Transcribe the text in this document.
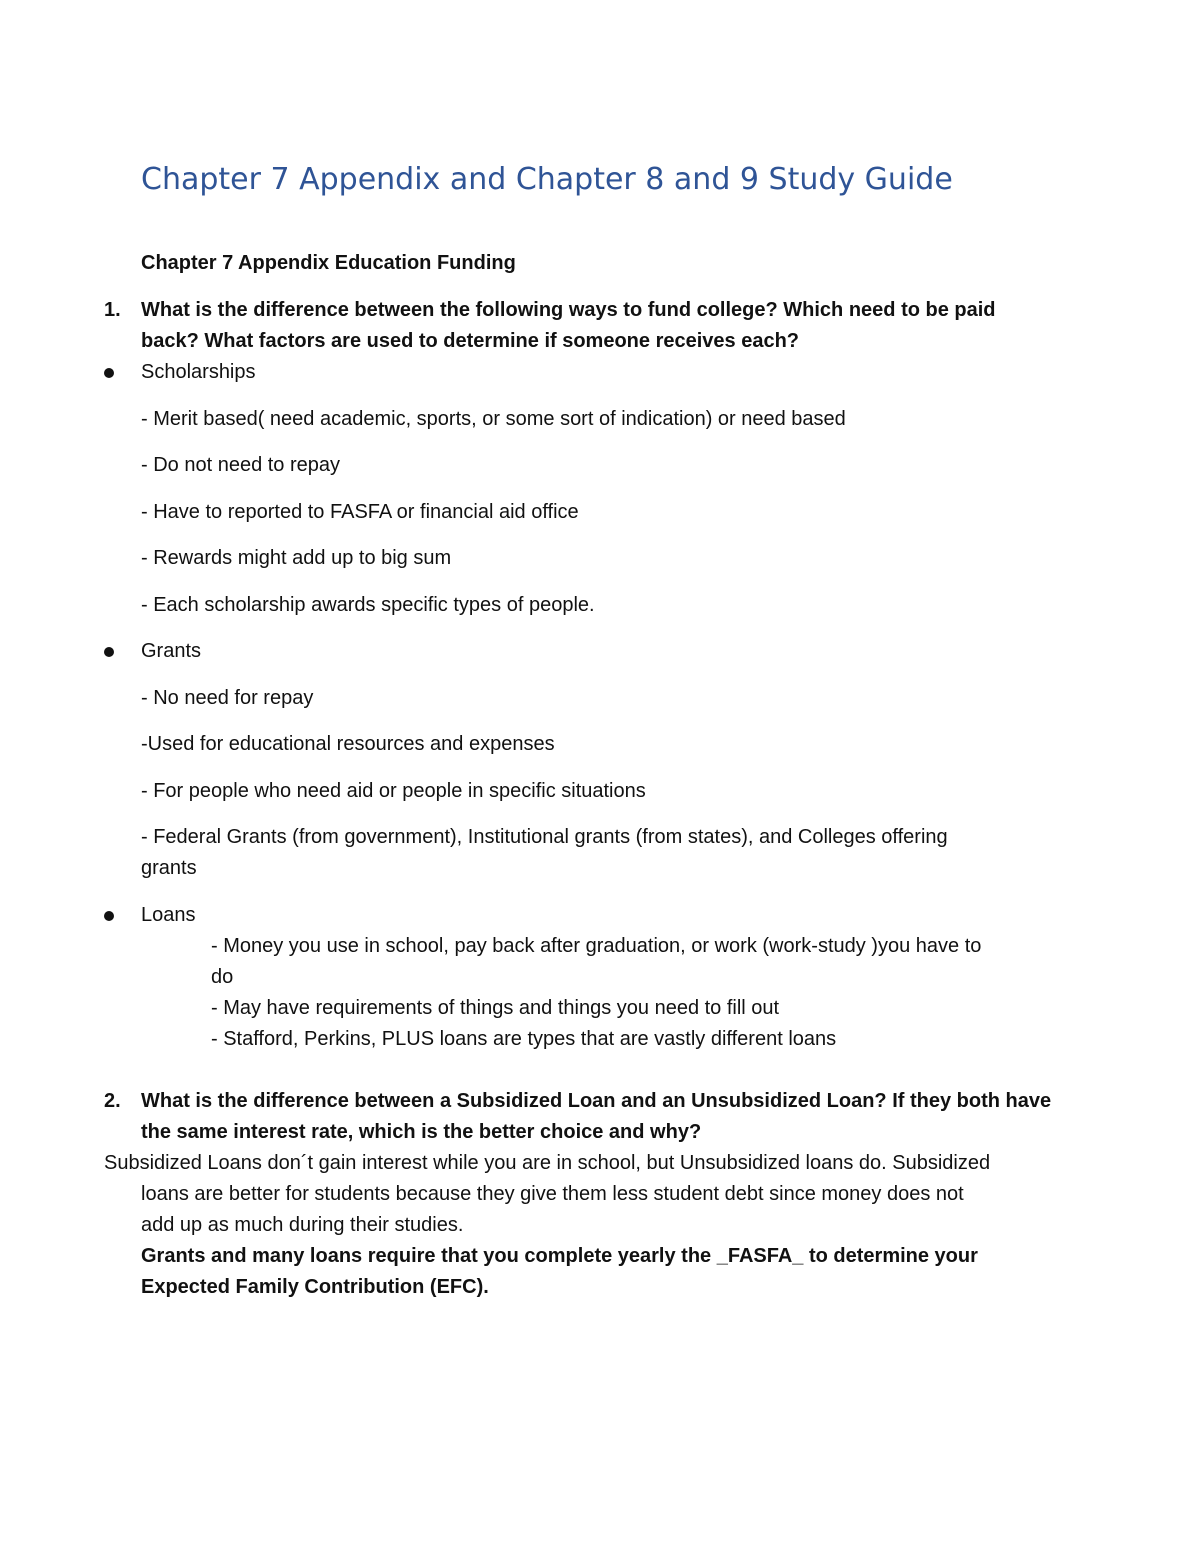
Chapter 7 Appendix and Chapter 8 and 9 Study Guide
Chapter 7 Appendix Education Funding
1. What is the difference between the following ways to fund college? Which need to be paid
back? What factors are used to determine if someone receives each?
Scholarships
- Merit based( need academic, sports, or some sort of indication) or need based
- Do not need to repay
- Have to reported to FASFA or financial aid office
- Rewards might add up to big sum
- Each scholarship awards specific types of people.
Grants
- No need for repay
-Used for educational resources and expenses
- For people who need aid or people in specific situations
- Federal Grants (from government), Institutional grants (from states), and Colleges offering
grants
Loans
- Money you use in school, pay back after graduation, or work (work-study )you have to
do
- May have requirements of things and things you need to fill out
- Stafford, Perkins, PLUS loans are types that are vastly different loans
2. What is the difference between a Subsidized Loan and an Unsubsidized Loan? If they both have
the same interest rate, which is the better choice and why?
Subsidized Loans don´t gain interest while you are in school, but Unsubsidized loans do. Subsidized
loans are better for students because they give them less student debt since money does not
add up as much during their studies.
Grants and many loans require that you complete yearly the _FASFA_ to determine your
Expected Family Contribution (EFC).
